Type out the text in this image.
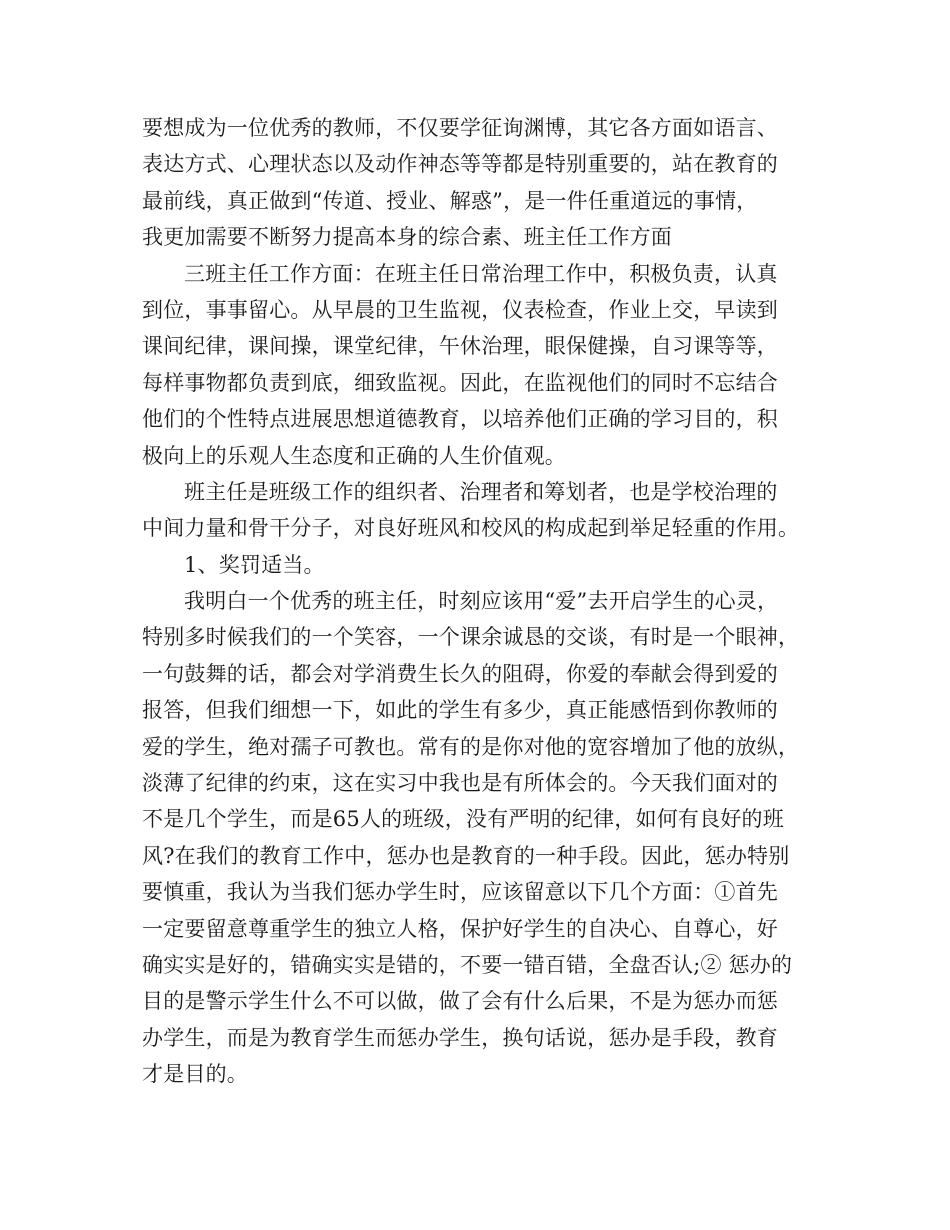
要想成为一位优秀的教师，不仅要学征询渊博，其它各方面如语言、
表达方式、心理状态以及动作神态等等都是特别重要的，站在教育的
最前线，真正做到“传道、授业、解惑”，是一件任重道远的事情，
我更加需要不断努力提高本身的综合素、班主任工作方面
三班主任工作方面：在班主任日常治理工作中，积极负责，认真
到位，事事留心。从早晨的卫生监视，仪表检查，作业上交，早读到
课间纪律，课间操，课堂纪律，午休治理，眼保健操，自习课等等，
每样事物都负责到底，细致监视。因此，在监视他们的同时不忘结合
他们的个性特点进展思想道德教育，以培养他们正确的学习目的，积
极向上的乐观人生态度和正确的人生价值观。
班主任是班级工作的组织者、治理者和筹划者，也是学校治理的
中间力量和骨干分子，对良好班风和校风的构成起到举足轻重的作用。
1、奖罚适当。
我明白一个优秀的班主任，时刻应该用“爱”去开启学生的心灵，
特别多时候我们的一个笑容，一个课余诚恳的交谈，有时是一个眼神，
一句鼓舞的话，都会对学消费生长久的阻碍，你爱的奉献会得到爱的
报答，但我们细想一下，如此的学生有多少，真正能感悟到你教师的
爱的学生，绝对孺子可教也。常有的是你对他的宽容增加了他的放纵，
淡薄了纪律的约束，这在实习中我也是有所体会的。今天我们面对的
不是几个学生，而是65人的班级，没有严明的纪律，如何有良好的班
风?在我们的教育工作中，惩办也是教育的一种手段。因此，惩办特别
要慎重，我认为当我们惩办学生时，应该留意以下几个方面：①首先
一定要留意尊重学生的独立人格，保护好学生的自决心、自尊心，好
确实实是好的，错确实实是错的，不要一错百错，全盘否认;② 惩办的
目的是警示学生什么不可以做，做了会有什么后果，不是为惩办而惩
办学生，而是为教育学生而惩办学生，换句话说，惩办是手段，教育
才是目的。
